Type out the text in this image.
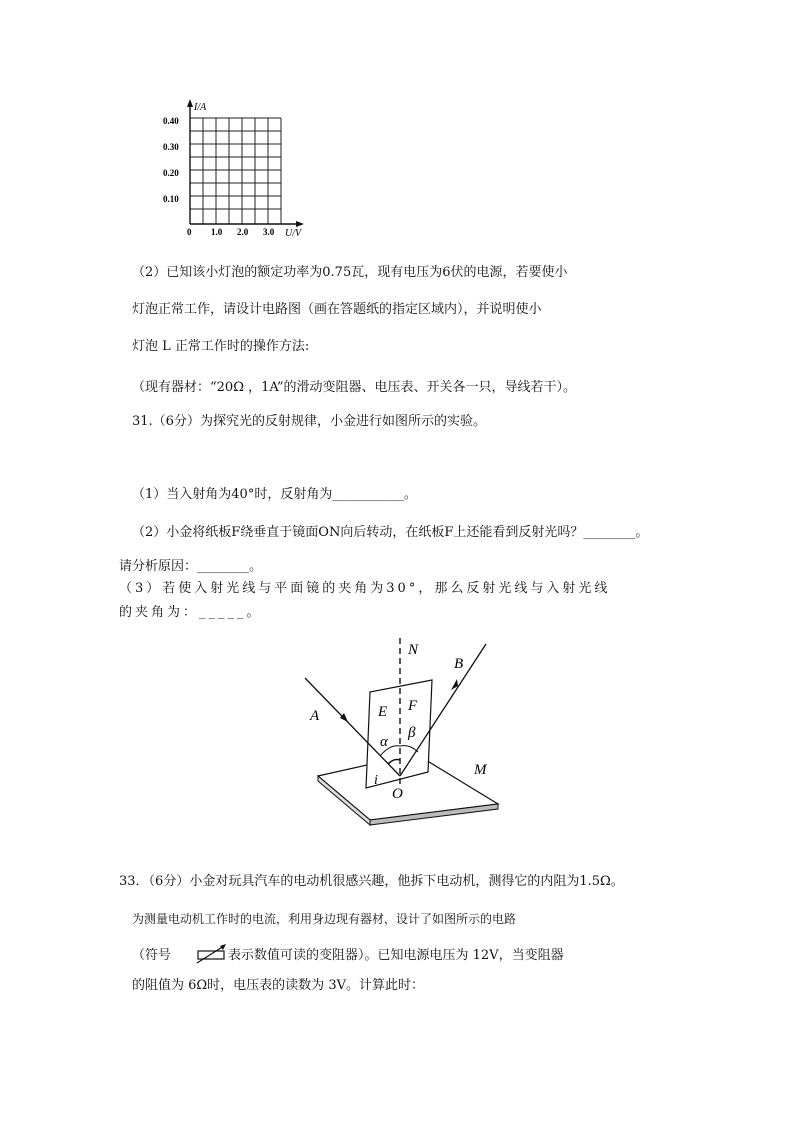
I/A
U/V
0.40
0.30
0.20
0.10
0 1.0 2.0 3.0
（2）已知该小灯泡的额定功率为0.75瓦，现有电压为6伏的电源，若要使小
灯泡正常工作，请设计电路图（画在答题纸的指定区域内），并说明使小
灯泡 L 正常工作时的操作方法:
（现有器材：“20Ω ，1A”的滑动变阻器、电压表、开关各一只，导线若干）。
31.（6分）为探究光的反射规律，小金进行如图所示的实验。
（1）当入射角为40°时，反射角为___________。
（2）小金将纸板F绕垂直于镜面ON向后转动，在纸板F上还能看到反射光吗？________。
请分析原因：________。
（3）若使入射光线与平面镜的夹角为30°，那么反射光线与入射光线
的夹角为：_____。
N
A
B
E F
α
β
i
O
M
33．（6分）小金对玩具汽车的电动机很感兴趣，他拆下电动机，测得它的内阻为1.5Ω。
为测量电动机工作时的电流，利用身边现有器材，设计了如图所示的电路
（符号	表示数值可读的变阻器）。已知电源电压为 12V，当变阻器
的阻值为 6Ω时，电压表的读数为 3V。计算此时：
